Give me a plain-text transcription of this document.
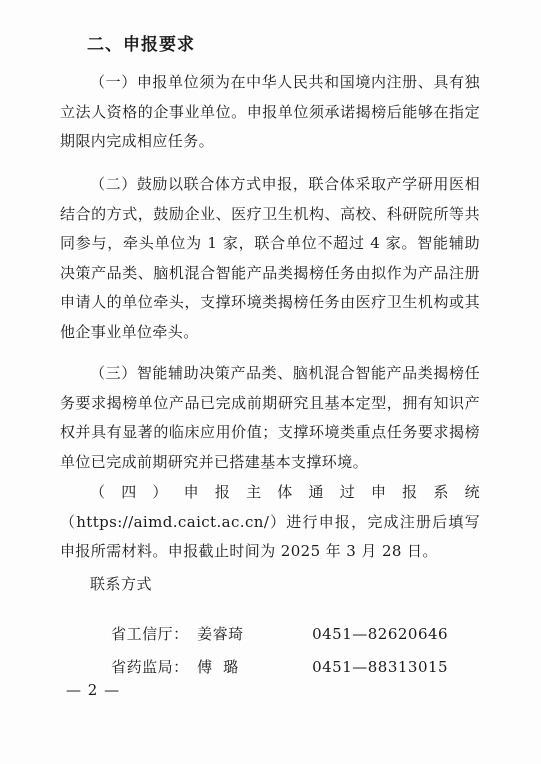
二、申报要求

（一）申报单位须为在中华人民共和国境内注册、具有独立法人资格的企事业单位。申报单位须承诺揭榜后能够在指定期限内完成相应任务。

（二）鼓励以联合体方式申报，联合体采取产学研用医相结合的方式，鼓励企业、医疗卫生机构、高校、科研院所等共同参与，牵头单位为 1 家，联合单位不超过 4 家。智能辅助决策产品类、脑机混合智能产品类揭榜任务由拟作为产品注册申请人的单位牵头，支撑环境类揭榜任务由医疗卫生机构或其他企事业单位牵头。

（三）智能辅助决策产品类、脑机混合智能产品类揭榜任务要求揭榜单位产品已完成前期研究且基本定型，拥有知识产权并具有显著的临床应用价值；支撑环境类重点任务要求揭榜单位已完成前期研究并已搭建基本支撑环境。

（四）申报主体通过申报系统（https://aimd.caict.ac.cn/）进行申报，完成注册后填写申报所需材料。申报截止时间为 2025 年 3 月 28 日。

联系方式

省工信厅： 姜睿琦	0451—82620646

省药监局： 傅  璐	0451—88313015

— 2 —
